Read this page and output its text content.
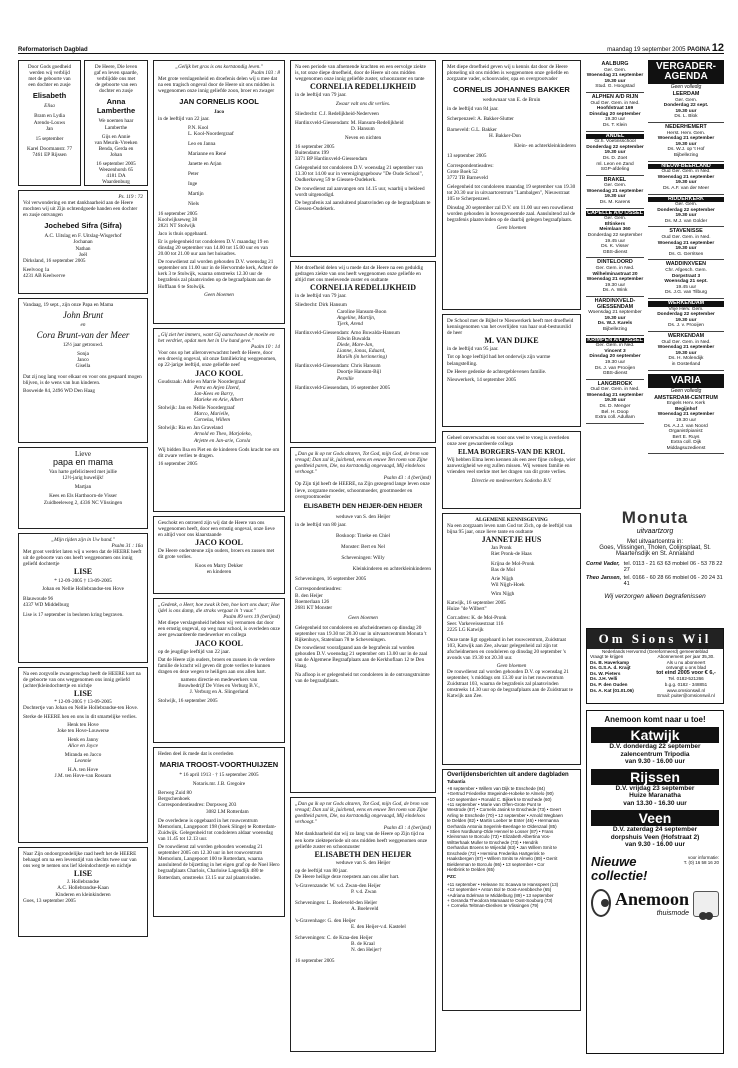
Reformatorisch Dagblad	maandag 19 september 2005 PAGINA 12
Door Gods goedheid
werden wij verblijd
met de geboorte van
een dochter en zusje
Elisabeth
Elisa
Bram en Lydia
Arendo-Louws
Jan
15 september
Karel Doormanstr. 77
7461 EP Rijssen
De Heere, Die leven
gaf en leven spaarde,
verblijdde ons met
de geboorte van een
dochter en zusje
Anna Lamberthe
We noemen haar
Lamberthe
Gijs en Annie
van Meurik-Vreeken
Benda, Gerda en
Johan
16 september 2005
Weezenhorsh 65
4181 DA
Waardenburg
Ps. 119 : 72

Vol verwondering en met dankbaarheid aan de Heere mochten wij uit Zijn ochtendgoede handen een dochter en zusje ontvangen

Jochebed Sifra (Sifra)
A.C. Uitslag en F. Uitslag-Wisgerhof
Jochanan
Nathan
Joël
Dirksland, 16 september 2005
Keelvoog 1a
4231 AB Keelwerve

Vandaag, 19 sept., zijn onze Papa en Mama

John Brunt
en
Cora Brunt-van der Meer
12½ jaar getrouwd.
Sonja
Janco
Gisella

Dat zij nog lang voor elkaar en voor ons gespaard mogen blijven, is de wens van hun kinderen.

Bosweide 84, 2496 WD Den Haag

Lieve
papa en mama
Van harte gefeliciteerd met jullie
12½-jarig huwelijk!
Martjan
Kees en Els Harthoorn-de Visser
Zuidbeeleweg 2, 4336 NC Vlissingen
„Mijn tijden zijn in Uw hand."
Psalm 31 : 16a

Met groot verdriet laten wij u weten dat de HEERE heeft uit de geboorte van ons heeft weggenomen ons innig geliefd dochtertje

LISE
* 12-09-2005 † 13-09-2005
Johan en Nellie Hollebrandse-ten Hove
Blauwoude 96
4337 WD Middelburg

Lise is 17 september in besloten kring begraven.

Na een zorgvolle zwangerschap heeft de HEERE kort na de geboorte van ons weggenomen ons innig geliefd (achter)kleindochtertje en nichtje

LISE
* 12-09-2005 † 13-09-2005

Dochtertje van Johan en Nellie Hollebrandse-ten Hove.

Sterke de HEERE hen en ons in dit smartelijke verlies.

Henk ten Hove
Joke ten Hove-Louwerse
Henk en Janny
Alice en Joyce
Miranda en Jacco
Leonnie
H.A. ten Hove
J.M. ten Hove-van Rossum

Naar Zijn ondoorgrondelijke raad heeft het de HEERE behaagd om na een levenstijd van slechts twee uur van ons weg te nemen ons lief kleindochtertje en nichtje

LISE
J. Hollebrandse
A.C. Hollebrandse-Kaan
Kinderen en kleinkinderen
Goes, 13 september 2005
„Gelijk het gras is ons kortstondig leven."
Psalm 103 : 8

Met grote verslagenheid en droefenis delen wij u mee dat na een tragisch ongeval door de Heere uit ons midden is weggenomen onze innig geliefde zoon, broer en zwager

JAN CORNELIS KOOL
Jaco
in de leeftijd van 22 jaar.
P.N. Kool
L. Kool-Noordergraaf
Leo en Janna
Marianne en René
Janette en Arjan
Peter
Inge
Martijn
Niels
16 september 2005
Koolwijkseweg 38
2821 NT Stolwijk

Jaco is thuis opgebaard.

Er is gelegenheid tot condoleren D.V. maandag 19 en dinsdag 20 september van 14.00 tot 15.00 uur en van 20.00 tot 21.00 uur aan het huisadres.

De rouwdienst zal worden gehouden D.V. woensdag 21 september om 11.00 uur in de Hervormde kerk, Achter de kerk 3 te Stolwijk, waarna omstreeks 12.30 uur de begrafenis zal plaatsvinden op de begraafplaats aan de Hofflaan 6 te Stolwijk.

Geen bloemen
„Gij ziet het immers, want Gij aanschouwt de moeite en het verdriet, opdat men het in Uw hand geve."
Psalm 10 : 14

Voor ons op het alleronverwachtst heeft de Heere, door een droevig ongeval, uit onze familiekring weggenomen, op 22-jarige leeftijd, onze geliefde neef

JACO KOOL
Goudsraak: Adrie en Marrie Noordergraaf
Petra en Arjen IJzerd,
Jan-Kees en Barry,
Marieke en Arie, Albert
Stolwijk: Jan en Nellie Noordergraaf
Marco, Marielle,
Cornelus, Willem
Stolwijk: Ria en Jan Graveland
Arnold en Theo, Marjoleko,
Arjette en Jan-arie, Carola

Wij bidden Ilsa en Piet en de kinderen Gods kracht toe om dit zware verlies te dragen.

16 september 2005

Geschokt en ontroerd zijn wij dat de Heere van ons weggenomen heeft, door een ernstig ongeval, onze lieve en altijd voor ons klaarstaande

JACO KOOL

De Heere ondersteune zijn ouders, broers en zussen met dit grote verlies.

Koos en Marry Dekker
en kinderen
„Gedenk, o Heer, hoe zwak ik ben, hoe kort ons duur; Hoe ijdel is ons damp, die straks vergaat in 't vuur."
Psalm 89 vers 19 (berijmd)

Met diepe verslagenheid hebben wij vernomen dat door een ernstig ongeval, op weg naar school, is overleden onze zeer gewaardeerde medewerker en collega

JACO KOOL

op de jeugdige leeftijd van 22 jaar.

Dat de Heere zijn ouders, broers en zussen in de verdere familie de kracht wil geven dit grote verlies te kunnen dragen en deze wegen te heiligen aan ons allen hart.

namens directie en medewerkers van
Bouwbedrijf De Vries en Verburg B.V.,
J. Verburg en A. Slingerland
Stolwijk, 16 september 2005

Heden deel ik mede dat is overleden

MARIA TROOST-VOORTHUIJZEN
* 16 april 1913 · † 15 september 2005
Notaris.mr. J.B. Gregoire
Berweg Zuid 80
Bergschenhoek
Correspondentieadres: Dorpsweg 203
3082 LM Rotterdam

De overledene is opgebaard in het rouwcentrum Memorium, Langepoort 198 (hoek Slinge) te Rotterdam-Zuidwijk. Gelegenheid tot condoleren aldaar woensdag van 11.45 tot 12.13 uur.

De rouwdienst zal worden gehouden woensdag 21 september 2005 om 12.30 uur in het rouwcentrum Memorium, Langepoort 100 te Rotterdam, waarna aansluitend de bijzetting in het eigen graf op de Noel Hero begraafplaats Charlois, Charloise Lagendijk 480 te Rotterdam, omstreeks 13.15 uur zal plaatsvinden.

Na een periode van afnemende krachten en een eervolge ziekte is, tot onze diepe droefheid, door de Heere uit ons midden weggenomen onze innig geliefde zuster, schoonzuster en tante

CORNELIA REDELIJKHEID
in de leeftijd van 79 jaar.
Zwaar valt ons dit verlies.
Sliedrecht: C.J. Redelijkheid-Nederveen
Hardinxveld-Giessendam: M. Hansum-Redelijkheid
D. Hansum
Neven en nichten
16 september 2005
Buitendams 199
3371 BP Hardinxveld-Giessendam

Gelegenheid tot condoleren D.V. woensdag 21 september van 13.30 tot 14.00 uur in verenigingsgebouw "De Oude School", Oudkerksweg 59 te Giessen-Oudekerk.

De rouwdienst zal aanvangen om 14.15 uur, waarbij u bekleed wordt uitgenodigd.

De begrafenis zal aansluitend plaatsvinden op de begraafplaats te Giessen-Oudekerk.

Met droefheid delen wij u mede dat de Heere na een geduldig gedragen ziekte van ons heeft weggenomen onze geliefde en altijd met ons meelevende zuster en oudtante

CORNELIA REDELIJKHEID
in de leeftijd van 79 jaar.
Sliedrecht: Dirk Hansum
Caroline Hansum-Boon
Angeline, Martijn,
Tjerk, Arend
Hardinxveld-Giessendam: Arno Buwalda-Hansum
Edwin Buwalda
Diede, Mare-Jan,
Lianne, Jonas, Eduard,
Mariëh (in herinnering)
Hardinxveld-Giessendam: Chris Hansum
Doortje Hansum-Bijl
Pernille
Hardinxveld-Giessendam, 16 september 2005
„Dan ga ik op tot Gods altaren, Tot God, mijn God, de bron van vreugd; Dan zal ik, juichend, eens en eeuwe Ten roem van Zijne goedheid paren, Die, na kortstondig ongevaagd, Mij eindeloos verhoogt."
Psalm 43 : 4 (berijmd)

Op Zijn tijd heeft de HEERE, na Zijn gezegend lange leven onze lieve, zorgzame moeder, schoonmoeder, grootmoeder en overgrootmoeder

ELISABETH DEN HEIJER-DEN HEIJER
weduwe van S. den Heijer
in de leeftijd van 80 jaar.
Boskoop: Tineke en Chiel
Monster: Bert en Nel
Scheveningen: Willy
Kleinkinderen en achterkleinkinderen
Scheveningen, 16 september 2005
Correspondentieadres:
B. den Heijer
Roemerlaan 126
2681 KT Monster
Geen bloemen

Gelegenheid tot condoleren en afscheidnemen op dinsdag 20 september van 19.30 tot 20.30 uur in uitvaartcentrum Monuta 't Rijkenhuys, Statenlaan 78 te Scheveningen.

De rouwdienst voorafgaand aan de begrafenis zal worden gehouden D.V. woensdag 21 september om 13.00 uur in de zaal van de Algemene Begraafplaats aan de Kerkhoflaan 12 te Den Haag.

Na afloop is er gelegenheid tot condoleren in de ontvangstruimte van de begraafplaats.

„Dan ga ik op tot Gods altaren, Tot God, mijn God, de bron van vreugd; Dan zal ik, juichend, eens en eeuwe Ten roem van Zijne goedheid paren, Die, na kortstondig ongevaagd, Mij eindeloos verhoogt."
Psalm 43 : 4 (berijmd)

Met dankbaarheid dat wij zo lang van de Heere op Zijn tijd na een korte ziekteperiode uit ons midden heeft weggenomen onze geliefde zuster en schoonzuster

ELISABETH DEN HEIJER
weduwe van S. den Heijer
op de leeftijd van 80 jaar.

De Heere heilige deze roepstem aan ons aller hart.

's-Gravenzande: W. v.d. Zwan-den Heijer
P. v.d. Zwan
Scheveningen: L. Boeleveld-den Heijer
A. Boeleveld
's-Gravenhage: G. den Heijer
E. den Heijer-v.d. Kastelel
Scheveningen: C. de Kraa-den Heijer
B. de Kraal
N. den Heijer†
16 september 2005

Met diepe droefheid geven wij u kennis dat door de Heere plotseling uit ons midden is weggenomen onze geliefde en zorgzame vader, schoonvader, opa en overgrootvader

CORNELIS JOHANNES BAKKER
weduwnaar van E. de Bruin
in de leeftijd van 84 jaar.
Scherpenzeel: A. Bakker-Slutter
Barneveld: G.L. Bakker
H. Bakker-Don
Klein- en achterkleinkinderen
13 september 2005
Correspondentieadres:
Grote Boek 52
3772 TB Barneveld

Gelegenheid tot condoleren maandag 19 september van 19.30 tot 20.30 uur in uitvaartcentrum "Lambalgen", Nieuwstraat 105 te Scherpenzeel.

Dinsdag 20 september zal D.V. om 11.00 uur een rouwdienst worden gehouden in bovengenoemde zaal. Aansluitend zal de begrafenis plaatsvinden op de daarbij gelegen begraafplaats.

Geen bloemen

De School met de Bijbel te Nieuwerkerk heeft met droefheid kennisgenomen van het overlijden van haar oud-bestuurslid de heer

M. VAN DIJKE

in de leeftijd van 95 jaar.

Tot op hoge leeftijd had het onderwijs zijn warme belangstelling.

De Heere gedenke de achtergeblevenen familie.

Nieuwerkerk, 14 september 2005

Geheel onverwachts en voor ons veel te vroeg is overleden onze zeer gewaardeerde collega

ELMA BORGERS-VAN DE KROL

Wij hebben Elma leren kennen als een zeer fijne collega, wier aanwezigheid we erg zullen missen. Wij wensen familie en vrienden veel sterkte met het dragen van dit grote verlies.

Directie en medewerkers Sodexho B.V.
ALGEMENE KENNISGEVING

Na een zorgzaam leven nam God tot Zich, op de leeftijd van bijna 95 jaar, onze lieve tante en oudtante

JANNETJE HUS
Jan Pronk
Riet Pronk-de Haas
Krijna de Mol-Pronk
Bas de Mol
Arie Nijgh
Wil Nijgh-Hoek
Wim Nijgh
Katwijk, 16 september 2005
Huize "de Wilbert"
Corr.adres: K. de Mol-Pronk
Seer. Varkeveissestraat 116
2225 LG Katwijk

Onze tante ligt opgebaard in het rouwcentrum, Zuidstraat 103, Katwijk aan Zee, alwaar gelegenheid zal zijn tot afscheidnemen en condoleren op dinsdag 20 september 's avonds van 19.30 tot 20.30 uur.

Geen bloemen

De rouwdienst zal worden gehouden D.V. op woensdag 21 september, 's middags om 13.30 uur in het rouwcentrum Zuidstraat 103, waarna de begrafenis zal plaatsvinden omstreeks 14.30 uur op de begraafplaats aan de Zuidstraat te Katwijk aan Zee.

Overlijdensberichten uit andere dagbladen
Tubantia
+8 september • Willem van Dijk te Enschede (84)
+Gertrud Friederike Stegeinde-Hobeke te Almelo (90)
+10 september • Ronald C. Bijkerk te Enschede (60)
+11 september • Marie van Offen-Grote Punt te
Westrode (87) • Cornelis Jasink te Enschede (73) • Geert
Arling te Enschede (70) • 12 september • Arnold Wegbaen
te Delden (82) • Martin Loeber te Enter (46) • Hermanna
Gerharda Antonia Segerink-Beerlage te Oldenzaal (85)
• Stien Nordkamp-Olde Hennel te Losser (87) • Frans
Kleinsman te Borculo (73) • Elizabeth Albertina Vos-
Wiltterhaak Muller te Enschede (73) • Hendrik
Gerhardus Broens te Wijerdal (83) • Jan Willem Smit te
Enschede (72) • Hermina Frederika Hartgerink te
Haaksbergen (87) • Willem Smits te Almelo (89) • Gerrit
Bieldenman te Borculo (86) • 13 september • Cor
Hietbrink te Delden (65)
PZC
+11 september • Heleane Sc Scawva te Hansspeet (13)
+12 september • Anton Bol te Oost-Arenbbeche (65)
+Adriana Edelman te Middelburg (89) • 13 september
+ Geranda Theodora Mamaaat te Oost-Souburg (73)
+ Cornelia Teltman-Dierikes te Vlissingen (79)
VERGADER-AGENDA
Geen volledig
LEERDAM
Ger. Gem.
Donderdag 22 sept.
19.30 uur
Ds. L. Blok
NEDERHEMERT
Herst. Herv. Gem.
Woensdag 21 september
19.30 uur
Ds. W.J. op 't Hof
Bijbellezing
NIEUW-BEERLAND
Oud Ger. Gem. in Ned.
Woensdag 21 september
19.30 uur
Ds. A.F. van der Meer
RIDDERKERK
Ger. Gem.
Donderdag 22 september
19.30 uur
Ds. M.J. van Golder
STAVENISSE
Oud Ger. Gem. in Ned.
Woensdag 21 september
19.30 uur
Ds. G. Gerritsen
WADDINXVEEN
Chr. Afgesch. Gem.
Dorpstraat 3
Woensdag 21 sept.
19.45 uur
Ds. J.G. van Tilburg
WERKENDAM
Vrije Herv. Gem.
Donderdag 22 september
19.30 uur
Ds. J. v. Prooijen
WERKENDAM
Oud Ger. Gem. in Ned.
Woensdag 21 september
19.30 uur
Ds. H. Molendijk
in Oosterland
VARIA
Geen volledig
AMSTERDAM-CENTRUM
Engels Herv. Kerk
Begijnhof
Woensdag 21 september
19.30 uur
Ds. A.J.J. van Noord
Organist/pianist:
Bert E. Ruys
Extra coll. Dijk
Middagsuzedienst
AALBURG
Ger. Gem.
Woensdag 21 september
19.30 uur
Stud. G. Hoogstad
ALPHEN A/D RIJN
Oud Ger. Gem. in Ned.
Hoofdstraat 169
Dinsdag 20 september
19.30 uur
Ds. T. Klein
ANDEL
Gr.h. Voetinsschool
Donderdag 22 september
19.30 uur
Ds. D. Zoet
ml. Leon en Zand
SGP-afdeling
BRAKEL
Ger. Gem.
Woensdag 21 september
19.30 uur
Ds. M. Karens
CAPELLE A/D IJSSEL
Ger. Gem.
Eltinkers
Meimlaan 360
Donderdag 22 september
19.45 uur
Ds. K. Visser
GBS-dienst
DINTELOORD
Ger. Gem. in Ned.
Wilhelminastraat 20
Woensdag 21 september
19.30 uur
Ds. A. Wink
HARDINXVELD-GIESSENDAM
Woensdag 21 september
19.30 uur
Ds. W.J. Karels
Bijbellezing
KRIMPEN A/D IJSSEL
Ger. Gem. in Ned.
Vincent 3
Dinsdag 20 september
19.30 uur
Ds. J. van Prooijen
GBS-dienst
LANGBROEK
Oud Ger. Gem. in Ned.
Woensdag 21 september
19.30 uur
Ds. D. Menger
Bel. H. Doop
Extra coll. Adullam
Monuta
uitvaartzorg
Met uitvaartcentra in:
Goes, Vlissingen, Tholen, Colijnsplaat, St. Maartensdijk en St. Annaland
Corné Vader, tel. 0113 - 21 63 63 mobiel 06 - 53 78 22 27
Theo Jansen, tel. 0166 - 60 28 66 mobiel 06 - 20 24 31 41
Wij verzorgen alleen begrafenissen
Om Sions Wil
Nederlands Hervormd (Gereformeerd) gemeenteblad
Vraagt te krijgen
Ds. B. Haverkamp
Ds. G.S.A. d. Kraijt
Ds. W. Pieters
Ds. J.H. Velli
Ds. P. den Ouden
Ds. A. Kat (01.01.06)
Abonnement per jaar 35,30.
Als u nu abonneert
ontvangt u ons blad
tot eind 2005 voor € 6,-
Tel. 0182-521266
b.g.g. 0182 - 348851
www.omsionswil.nl
Email: puiter@omsionswil.nl
Anemoon komt naar u toe!
Katwijk
D.V. donderdag 22 september
zalencentrum Tripodia
van 9.30 - 16.00 uur
Rijssen
D.V. vrijdag 23 september
Huize Maranatha
van 13.30 - 16.30 uur
Veen
D.V. zaterdag 24 september
dorpshuis Veen (Hofstraat 2)
van 9.30 - 16.00 uur
Nieuwe collectie!
voor informatie:
T. (0) 16 58 16 20
Anemoon
thuismode
